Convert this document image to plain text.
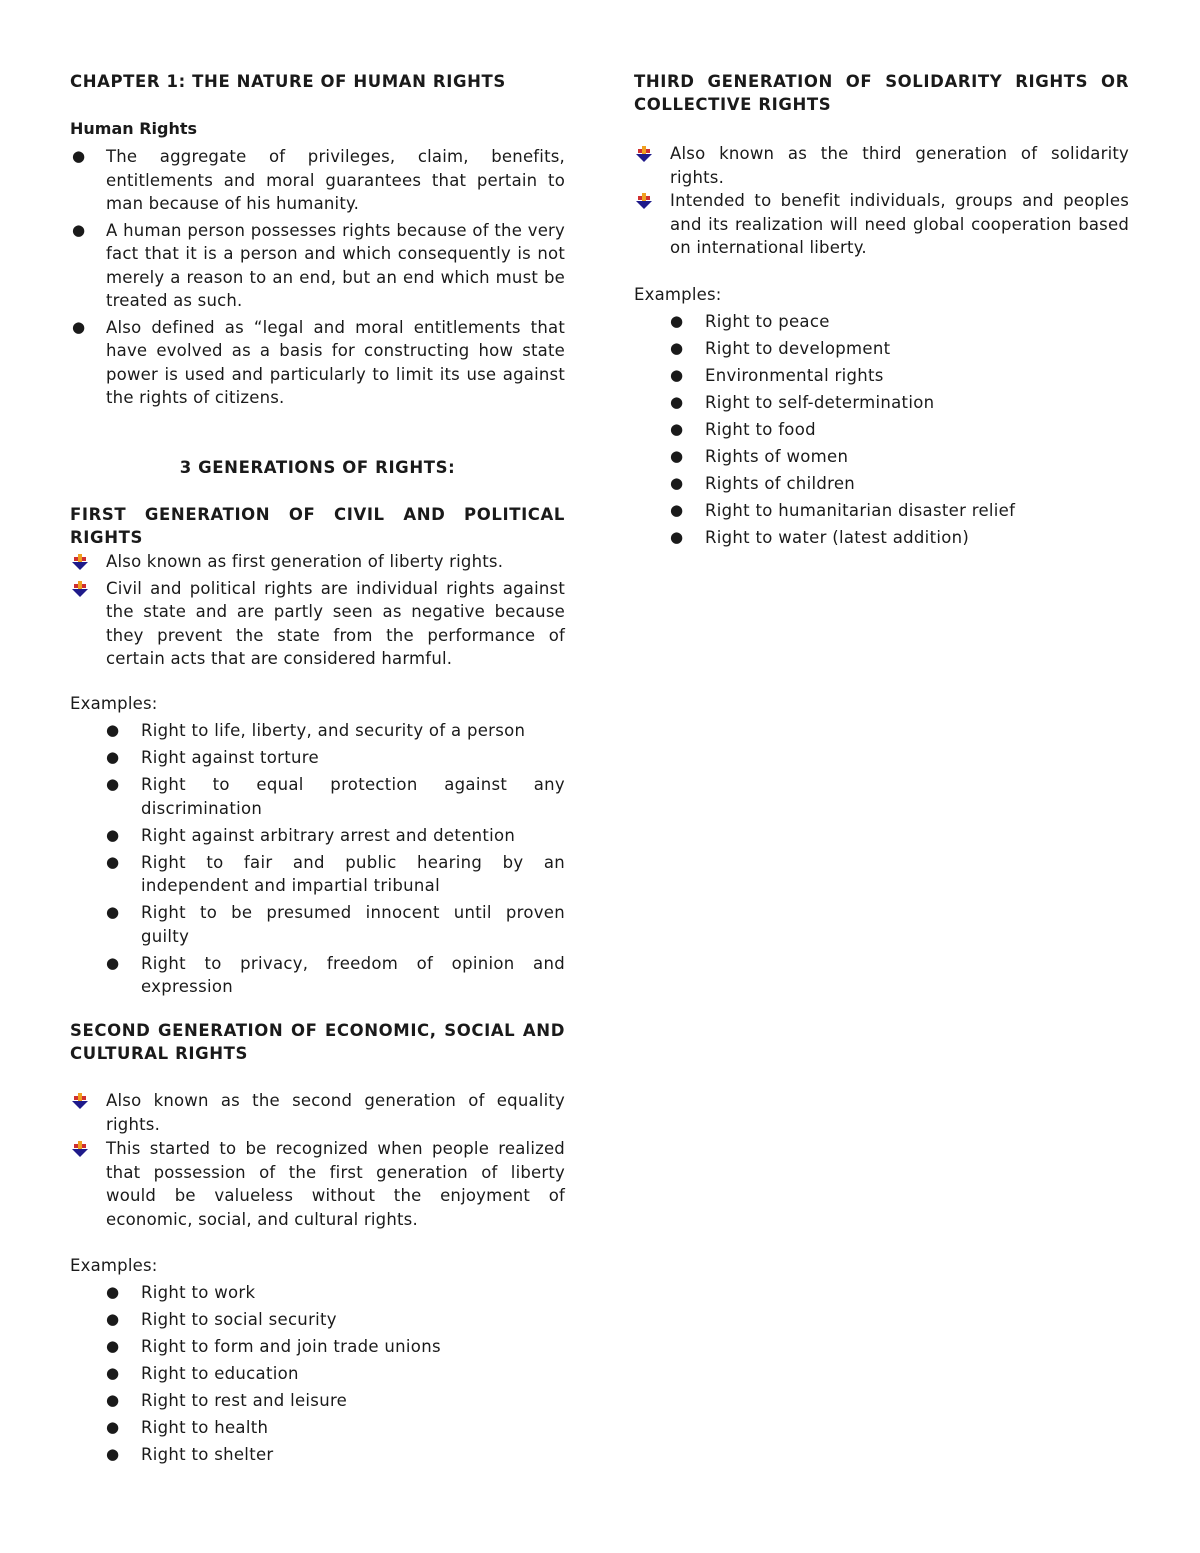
CHAPTER 1: THE NATURE OF HUMAN RIGHTS
Human Rights
● The aggregate of privileges, claim, benefits, entitlements and moral guarantees that pertain to man because of his humanity.
● A human person possesses rights because of the very fact that it is a person and which consequently is not merely a reason to an end, but an end which must be treated as such.
● Also defined as “legal and moral entitlements that have evolved as a basis for constructing how state power is used and particularly to limit its use against the rights of citizens.
3 GENERATIONS OF RIGHTS:
FIRST GENERATION OF CIVIL AND POLITICAL RIGHTS
Also known as first generation of liberty rights.
Civil and political rights are individual rights against the state and are partly seen as negative because they prevent the state from the performance of certain acts that are considered harmful.
Examples:
● Right to life, liberty, and security of a person
● Right against torture
● Right to equal protection against any discrimination
● Right against arbitrary arrest and detention
● Right to fair and public hearing by an independent and impartial tribunal
● Right to be presumed innocent until proven guilty
● Right to privacy, freedom of opinion and expression
SECOND GENERATION OF ECONOMIC, SOCIAL AND CULTURAL RIGHTS
Also known as the second generation of equality rights.
This started to be recognized when people realized that possession of the first generation of liberty would be valueless without the enjoyment of economic, social, and cultural rights.
Examples:
● Right to work
● Right to social security
● Right to form and join trade unions
● Right to education
● Right to rest and leisure
● Right to health
● Right to shelter
THIRD GENERATION OF SOLIDARITY RIGHTS OR COLLECTIVE RIGHTS
Also known as the third generation of solidarity rights.
Intended to benefit individuals, groups and peoples and its realization will need global cooperation based on international liberty.
Examples:
● Right to peace
● Right to development
● Environmental rights
● Right to self-determination
● Right to food
● Rights of women
● Rights of children
● Right to humanitarian disaster relief
● Right to water (latest addition)
